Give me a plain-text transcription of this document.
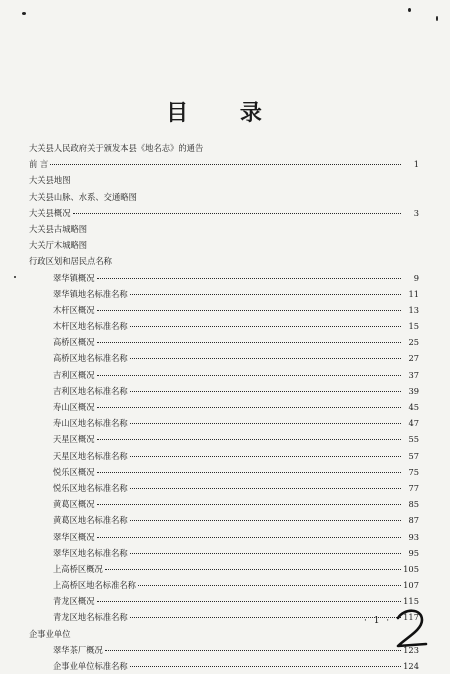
目 录
大关县人民政府关于颁发本县《地名志》的通告
前 言	1
大关县地图
大关县山脉、水系、交通略图
大关县概况	3
大关县古城略图
大关厅木城略图
行政区划和居民点名称
翠华镇概况	9
翠华镇地名标准名称	11
木杆区概况	13
木杆区地名标准名称	15
高桥区概况	25
高桥区地名标准名称	27
吉利区概况	37
吉利区地名标准名称	39
寿山区概况	45
寿山区地名标准名称	47
天星区概况	55
天星区地名标准名称	57
悦乐区概况	75
悦乐区地名标准名称	77
黄葛区概况	85
黄葛区地名标准名称	87
翠华区概况	93
翠华区地名标准名称	95
上高桥区概况	105
上高桥区地名标准名称	107
青龙区概况	115
青龙区地名标准名称	117
企事业单位
翠华茶厂概况	123
企事业单位标准名称	124
· 1 ·
